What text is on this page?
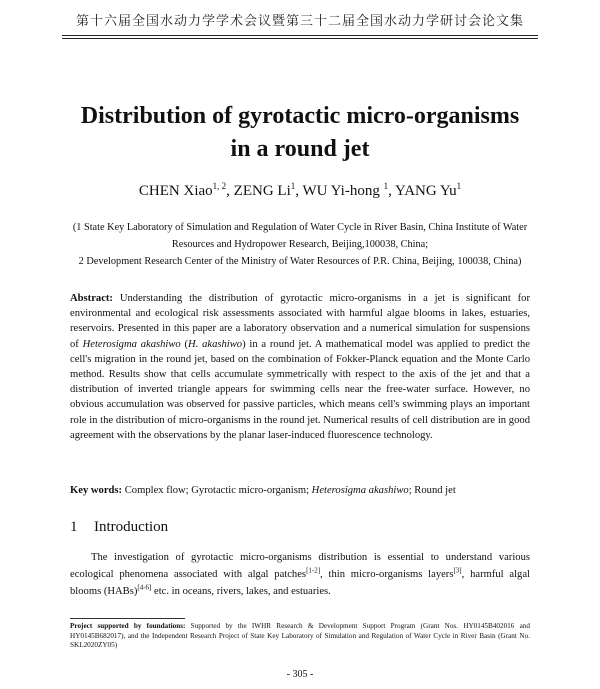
第十六届全国水动力学学术会议暨第三十二届全国水动力学研讨会论文集
Distribution of gyrotactic micro-organisms
in a round jet
CHEN Xiao$^{1, 2}$, ZENG Li$^1$, WU Yi-hong $^1$, YANG Yu$^1$
(1 State Key Laboratory of Simulation and Regulation of Water Cycle in River Basin, China Institute of Water
Resources and Hydropower Research, Beijing,100038, China;
2 Development Research Center of the Ministry of Water Resources of P.R. China, Beijing, 100038, China)
Abstract: Understanding the distribution of gyrotactic micro-organisms in a jet is significant for environmental and ecological risk assessments associated with harmful algae blooms in lakes, estuaries, reservoirs. Presented in this paper are a laboratory observation and a numerical simulation for suspensions of Heterosigma akashiwo (H. akashiwo) in a round jet. A mathematical model was applied to predict the cell's migration in the round jet, based on the combination of Fokker-Planck equation and the Monte Carlo method. Results show that cells accumulate symmetrically with respect to the axis of the jet and that a distribution of inverted triangle appears for swimming cells near the free-water surface. However, no obvious accumulation was observed for passive particles, which means cell's swimming plays an important role in the distribution of micro-organisms in the round jet. Numerical results of cell distribution are in good agreement with the observations by the planar laser-induced fluorescence technology.
Key words: Complex flow; Gyrotactic micro-organism; Heterosigma akashiwo; Round jet
1 Introduction
The investigation of gyrotactic micro-organisms distribution is essential to understand various ecological phenomena associated with algal patches[1-2], thin micro-organisms layers[3], harmful algal blooms (HABs)[4-6] etc. in oceans, rivers, lakes, and estuaries.
Project supported by foundations: Supported by the IWHR Research & Development Support Program (Grant Nos. HY0145B402016 and HY0145B682017), and the Independent Research Project of State Key Laboratory of Simulation and Regulation of Water Cycle in River Basin (Grant No. SKL2020ZY05)
- 305 -
